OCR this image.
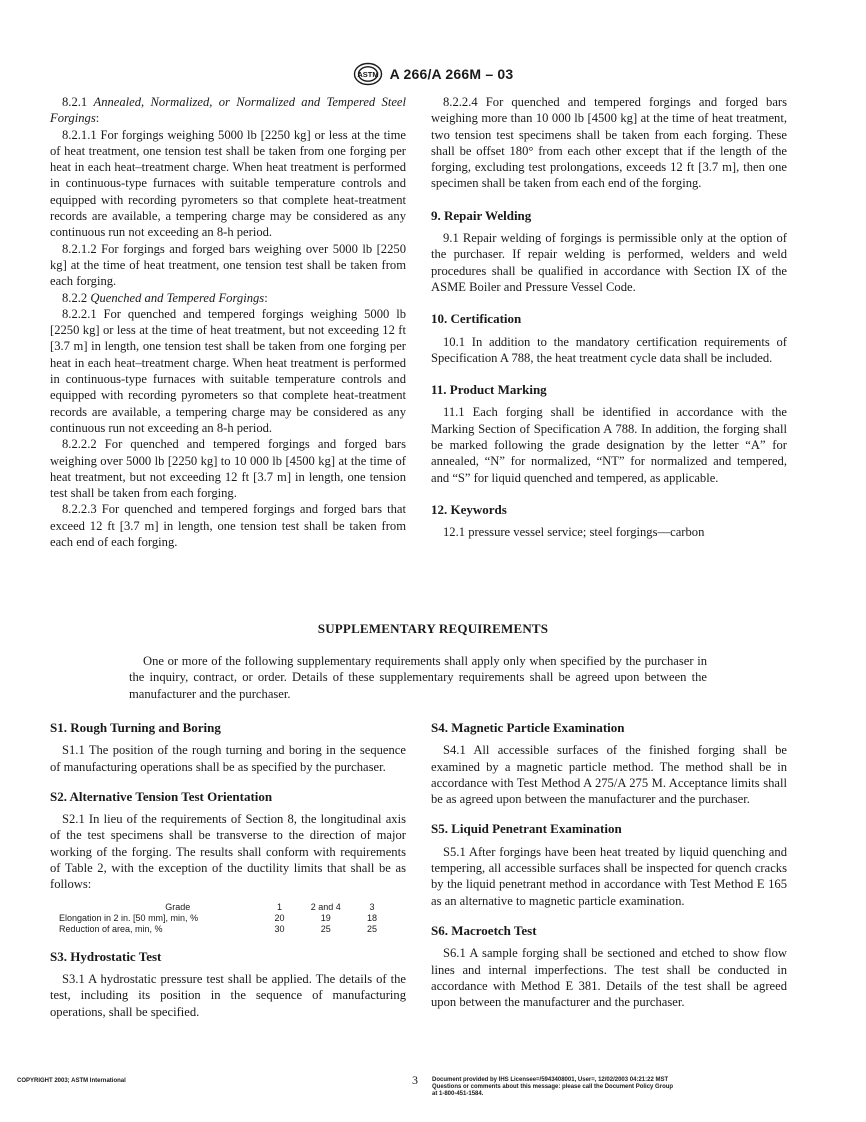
ASTM A 266/A 266M – 03

8.2.1 Annealed, Normalized, or Normalized and Tempered Steel Forgings:

8.2.1.1 For forgings weighing 5000 lb [2250 kg] or less at the time of heat treatment, one tension test shall be taken from one forging per heat in each heat–treatment charge. When heat treatment is performed in continuous-type furnaces with suitable temperature controls and equipped with recording pyrometers so that complete heat-treatment records are available, a tempering charge may be considered as any continuous run not exceeding an 8-h period.

8.2.1.2 For forgings and forged bars weighing over 5000 lb [2250 kg] at the time of heat treatment, one tension test shall be taken from each forging.

8.2.2 Quenched and Tempered Forgings:

8.2.2.1 For quenched and tempered forgings weighing 5000 lb [2250 kg] or less at the time of heat treatment, but not exceeding 12 ft [3.7 m] in length, one tension test shall be taken from one forging per heat in each heat–treatment charge. When heat treatment is performed in continuous-type furnaces with suitable temperature controls and equipped with recording pyrometers so that complete heat-treatment records are available, a tempering charge may be considered as any continuous run not exceeding an 8-h period.

8.2.2.2 For quenched and tempered forgings and forged bars weighing over 5000 lb [2250 kg] to 10 000 lb [4500 kg] at the time of heat treatment, but not exceeding 12 ft [3.7 m] in length, one tension test shall be taken from each forging.

8.2.2.3 For quenched and tempered forgings and forged bars that exceed 12 ft [3.7 m] in length, one tension test shall be taken from each end of each forging.

8.2.2.4 For quenched and tempered forgings and forged bars weighing more than 10 000 lb [4500 kg] at the time of heat treatment, two tension test specimens shall be taken from each forging. These shall be offset 180° from each other except that if the length of the forging, excluding test prolongations, exceeds 12 ft [3.7 m], then one specimen shall be taken from each end of the forging.

9. Repair Welding

9.1 Repair welding of forgings is permissible only at the option of the purchaser. If repair welding is performed, welders and weld procedures shall be qualified in accordance with Section IX of the ASME Boiler and Pressure Vessel Code.

10. Certification

10.1 In addition to the mandatory certification requirements of Specification A 788, the heat treatment cycle data shall be included.

11. Product Marking

11.1 Each forging shall be identified in accordance with the Marking Section of Specification A 788. In addition, the forging shall be marked following the grade designation by the letter “A” for annealed, “N” for normalized, “NT” for normalized and tempered, and “S” for liquid quenched and tempered, as applicable.

12. Keywords

12.1 pressure vessel service; steel forgings—carbon

SUPPLEMENTARY REQUIREMENTS

One or more of the following supplementary requirements shall apply only when specified by the purchaser in the inquiry, contract, or order. Details of these supplementary requirements shall be agreed upon between the manufacturer and the purchaser.

S1. Rough Turning and Boring

S1.1 The position of the rough turning and boring in the sequence of manufacturing operations shall be as specified by the purchaser.

S2. Alternative Tension Test Orientation

S2.1 In lieu of the requirements of Section 8, the longitudinal axis of the test specimens shall be transverse to the direction of major working of the forging. The results shall conform with requirements of Table 2, with the exception of the ductility limits that shall be as follows:

Grade	1	2 and 4	3
Elongation in 2 in. [50 mm], min, %	20	19	18
Reduction of area, min, %	30	25	25
S3. Hydrostatic Test

S3.1 A hydrostatic pressure test shall be applied. The details of the test, including its position in the sequence of manufacturing operations, shall be specified.

S4. Magnetic Particle Examination

S4.1 All accessible surfaces of the finished forging shall be examined by a magnetic particle method. The method shall be in accordance with Test Method A 275/A 275 M. Acceptance limits shall be as agreed upon between the manufacturer and the purchaser.

S5. Liquid Penetrant Examination

S5.1 After forgings have been heat treated by liquid quenching and tempering, all accessible surfaces shall be inspected for quench cracks by the liquid penetrant method in accordance with Test Method E 165 as an alternative to magnetic particle examination.

S6. Macroetch Test

S6.1 A sample forging shall be sectioned and etched to show flow lines and internal imperfections. The test shall be conducted in accordance with Method E 381. Details of the test shall be agreed upon between the manufacturer and the purchaser.

COPYRIGHT 2003; ASTM International	3 Document provided by IHS Licensee=/5943408001, User=, 12/02/2003 04:21:22 MST
Questions or comments about this message: please call the Document Policy Group
at 1-800-451-1584.
